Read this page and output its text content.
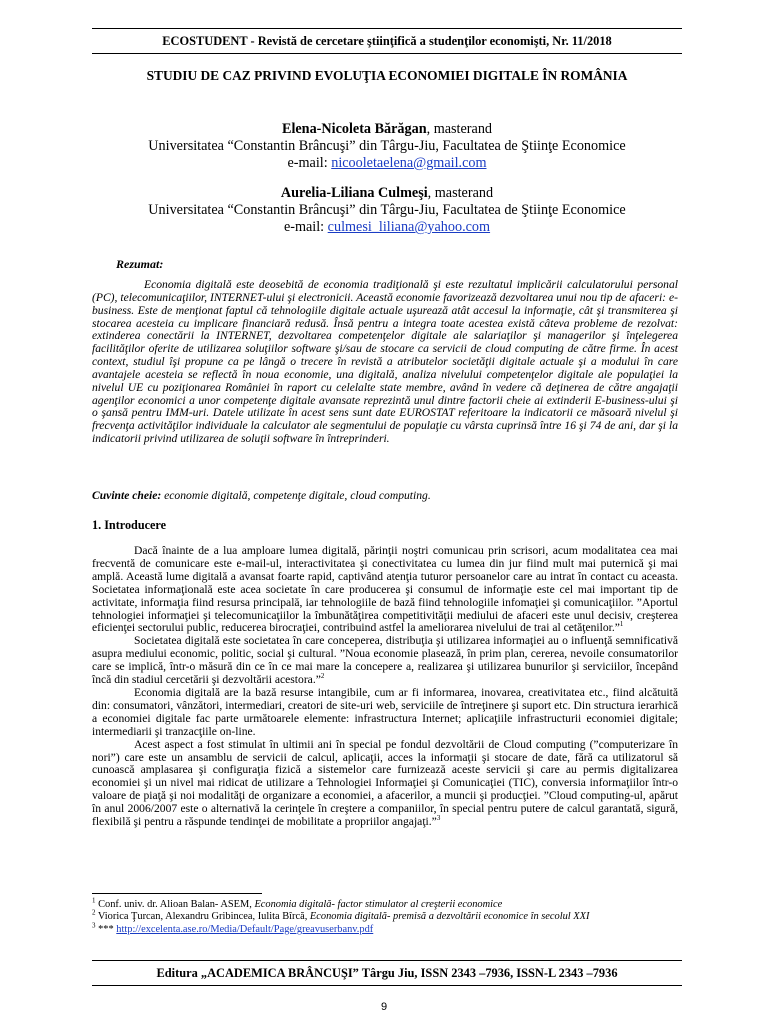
ECOSTUDENT - Revistă de cercetare ştiinţifică a studenţilor economişti, Nr. 11/2018
STUDIU DE CAZ PRIVIND EVOLUŢIA ECONOMIEI DIGITALE ÎN ROMÂNIA
Elena-Nicoleta Bărăgan, masterand
Universitatea “Constantin Brâncuşi” din Târgu-Jiu, Facultatea de Ştiinţe Economice
e-mail: nicooletaelena@gmail.com
Aurelia-Liliana Culmeşi, masterand
Universitatea “Constantin Brâncuşi” din Târgu-Jiu, Facultatea de Ştiinţe Economice
e-mail: culmesi_liliana@yahoo.com
Rezumat:

Economia digitală este deosebită de economia tradiţională şi este rezultatul implicării calculatorului personal (PC), telecomunicaţiilor, INTERNET-ului şi electronicii. Această economie favorizează dezvoltarea unui nou tip de afaceri: e-business. Este de menţionat faptul că tehnologiile digitale actuale uşurează atât accesul la informaţie, cât şi transmiterea şi stocarea acesteia cu implicare financiară redusă. Însă pentru a integra toate acestea există câteva probleme de rezolvat: extinderea conectării la INTERNET, dezvoltarea competenţelor digitale ale salariaţilor şi managerilor şi înţelegerea facilităţilor oferite de utilizarea soluţiilor software şi/sau de stocare ca servicii de cloud computing de către firme. În acest context, studiul îşi propune ca pe lângă o trecere în revistă a atributelor societăţii digitale actuale şi a modului în care avantajele acesteia se reflectă în noua economie, una digitală, analiza nivelului competenţelor digitale ale populaţiei la nivelul UE cu poziţionarea României în raport cu celelalte state membre, având în vedere că deţinerea de către angajaţii agenţilor economici a unor competenţe digitale avansate reprezintă unul dintre factorii cheie ai extinderii E-business-ului şi o şansă pentru IMM-uri. Datele utilizate în acest sens sunt date EUROSTAT referitoare la indicatorii ce măsoară nivelul şi frecvenţa activităţilor individuale la calculator ale segmentului de populaţie cu vârsta cuprinsă între 16 şi 74 de ani, dar şi la indicatorii privind utilizarea de soluţii software în întreprinderi.

Cuvinte cheie: economie digitală, competenţe digitale, cloud computing.
1. Introducere

Dacă înainte de a lua amploare lumea digitală, părinţii noştri comunicau prin scrisori, acum modalitatea cea mai frecventă de comunicare este e-mail-ul, interactivitatea şi conectivitatea cu lumea din jur fiind mult mai puternică şi mai amplă. Această lume digitală a avansat foarte rapid, captivând atenţia tuturor persoanelor care au intrat în contact cu aceasta. Societatea informaţională este acea societate în care producerea şi consumul de informaţie este cel mai important tip de activitate, informaţia fiind resursa principală, iar tehnologiile de bază fiind tehnologiile infomaţiei şi comunicaţiilor. ”Aportul tehnologiei informaţiei şi telecomunicaţiilor la îmbunătăţirea competitivităţii mediului de afaceri este unul decisiv, creşterea eficienţei sectorului public, reducerea birocraţiei, contribuind astfel la ameliorarea nivelului de trai al cetăţenilor.”$^1$

Societatea digitală este societatea în care conceperea, distribuţia şi utilizarea informaţiei au o influenţă semnificativă asupra mediului economic, politic, social şi cultural. ”Noua economie plasează, în prim plan, cererea, nevoile consumatorilor care se implică, într-o măsură din ce în ce mai mare la concepere a, realizarea şi utilizarea bunurilor şi serviciilor, începând încă din stadiul cercetării şi dezvoltării acestora.”$^2$

Economia digitală are la bază resurse intangibile, cum ar fi informarea, inovarea, creativitatea etc., fiind alcătuită din: consumatori, vânzători, intermediari, creatori de site-uri web, serviciile de întreţinere şi suport etc. Din structura ierarhică a economiei digitale fac parte următoarele elemente: infrastructura Internet; aplicaţiile infrastructurii economiei digitale; intermediarii şi tranzacţiile on-line.

Acest aspect a fost stimulat în ultimii ani în special pe fondul dezvoltării de Cloud computing (”computerizare în nori”) care este un ansamblu de servicii de calcul, aplicaţii, acces la informaţii şi stocare de date, fără ca utilizatorul să cunoască amplasarea şi configuraţia fizică a sistemelor care furnizează aceste servicii şi care au permis digitalizarea economiei şi un nivel mai ridicat de utilizare a Tehnologiei Informaţiei şi Comunicaţiei (TIC), conversia informaţiilor într-o valoare de piaţă şi noi modalităţi de organizare a economiei, a afacerilor, a muncii şi producţiei. ”Cloud computing-ul, apărut în anul 2006/2007 este o alternativă la cerinţele în creştere a companiilor, în special pentru putere de calcul garantată, sigură, flexibilă şi pentru a răspunde tendinţei de mobilitate a propriilor angajaţi.”$^3$

$^1$ Conf. univ. dr. Alioan Balan- ASEM, Economia digitală- factor stimulator al creşterii economice
$^2$ Viorica Ţurcan, Alexandru Gribincea, Iulita Bîrcă, Economia digitală- premisă a dezvoltării economice în secolul XXI
$^3$ *** http://excelenta.ase.ro/Media/Default/Page/greavuserbanv.pdf
Editura „ACADEMICA BRÂNCUŞI” Târgu Jiu, ISSN 2343 –7936, ISSN-L 2343 –7936
9
